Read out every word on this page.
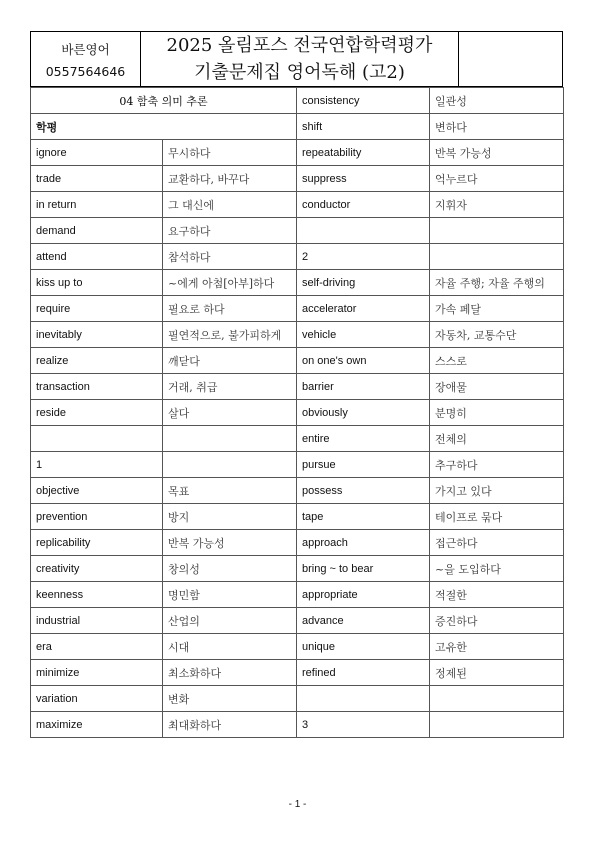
바른영어
0557564646
2025 올림포스 전국연합학력평가
기출문제집 영어독해 (고2)
04 함축 의미 추론		consistency	일관성
학평		shift	변하다
ignore	무시하다	repeatability	반복 가능성
trade	교환하다, 바꾸다	suppress	억누르다
in return	그 대신에	conductor	지휘자
demand	요구하다		
attend	참석하다	2	
kiss up to	~에게 아첨[아부]하다	self-driving	자율 주행; 자율 주행의
require	필요로 하다	accelerator	가속 페달
inevitably	필연적으로, 불가피하게	vehicle	자동차, 교통수단
realize	깨닫다	on one's own	스스로
transaction	거래, 취급	barrier	장애물
reside	살다	obviously	분명히
		entire	전체의
1		pursue	추구하다
objective	목표	possess	가지고 있다
prevention	방지	tape	테이프로 묶다
replicability	반복 가능성	approach	접근하다
creativity	창의성	bring ~ to bear	~을 도입하다
keenness	명민함	appropriate	적절한
industrial	산업의	advance	증진하다
era	시대	unique	고유한
minimize	최소화하다	refined	정제된
variation	변화		
maximize	최대화하다	3	
- 1 -
